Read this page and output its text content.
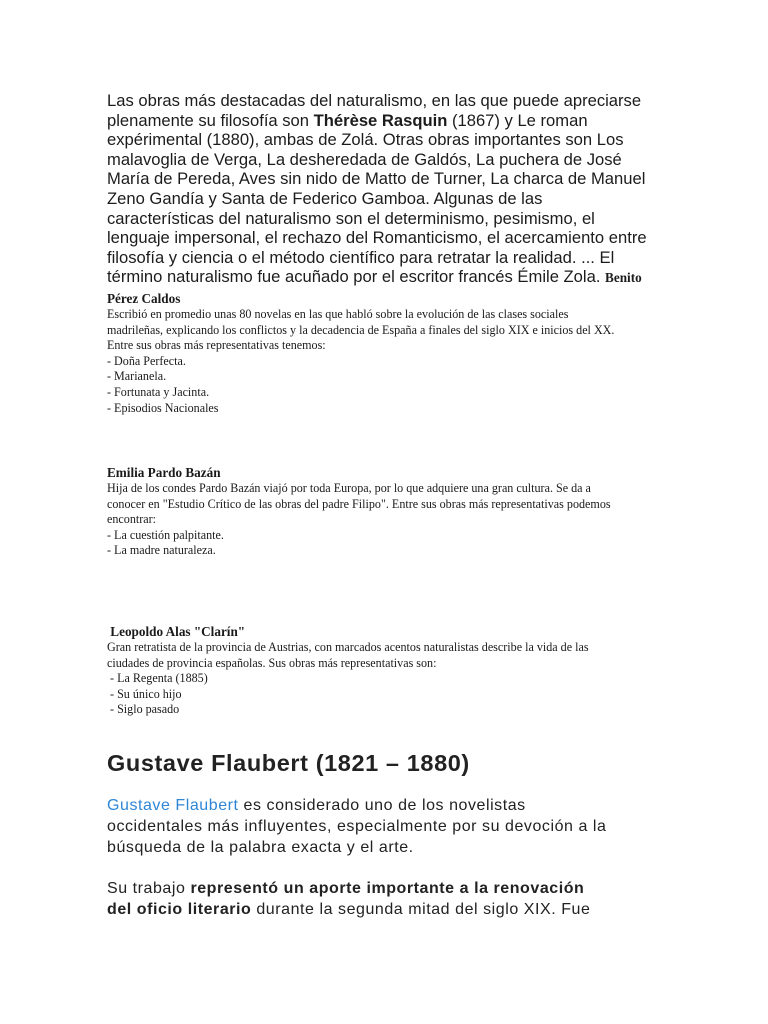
Las obras más destacadas del naturalismo, en las que puede apreciarse
plenamente su filosofía son Thérèse Rasquin (1867) y Le roman
expérimental (1880), ambas de Zolá. Otras obras importantes son Los
malavoglia de Verga, La desheredada de Galdós, La puchera de José
María de Pereda, Aves sin nido de Matto de Turner, La charca de Manuel
Zeno Gandía y Santa de Federico Gamboa. Algunas de las
características del naturalismo son el determinismo, pesimismo, el
lenguaje impersonal, el rechazo del Romanticismo, el acercamiento entre
filosofía y ciencia o el método científico para retratar la realidad. ... El
término naturalismo fue acuñado por el escritor francés Émile Zola. Benito
Pérez Caldos
Escribió en promedio unas 80 novelas en las que habló sobre la evolución de las clases sociales
madrileñas, explicando los conflictos y la decadencia de España a finales del siglo XIX e inicios del XX.
Entre sus obras más representativas tenemos:
- Doña Perfecta.
- Marianela.
- Fortunata y Jacinta.
- Episodios Nacionales
Emilia Pardo Bazán
Hija de los condes Pardo Bazán viajó por toda Europa, por lo que adquiere una gran cultura. Se da a
conocer en "Estudio Crítico de las obras del padre Filipo". Entre sus obras más representativas podemos
encontrar:
- La cuestión palpitante.
- La madre naturaleza.
Leopoldo Alas "Clarín"
Gran retratista de la provincia de Austrias, con marcados acentos naturalistas describe la vida de las
ciudades de provincia españolas. Sus obras más representativas son:
- La Regenta (1885)
- Su único hijo
- Siglo pasado
Gustave Flaubert (1821 – 1880)
Gustave Flaubert es considerado uno de los novelistas
occidentales más influyentes, especialmente por su devoción a la
búsqueda de la palabra exacta y el arte.
Su trabajo representó un aporte importante a la renovación
del oficio literario durante la segunda mitad del siglo XIX. Fue
